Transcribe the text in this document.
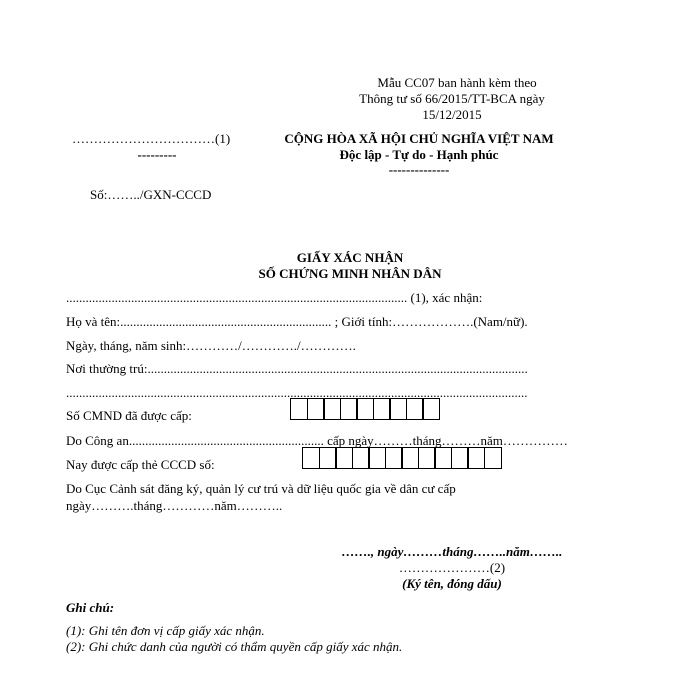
Mẫu CC07 ban hành kèm theo
Thông tư số 66/2015/TT-BCA ngày
15/12/2015
……………………………(1)
---------
Số:……../GXN-CCCD
CỘNG HÒA XÃ HỘI CHỦ NGHĨA VIỆT NAM
Độc lập - Tự do - Hạnh phúc
--------------
GIẤY XÁC NHẬN
SỐ CHỨNG MINH NHÂN DÂN
......................................................................................................... (1), xác nhận:
Họ và tên:................................................................. ; Giới tính:……………….(Nam/nữ).
Ngày, tháng, năm sinh:…………/…………./………….
Nơi thường trú:.....................................................................................................................
..............................................................................................................................................
Số CMND đã được cấp:
Do Công an............................................................ cấp ngày………tháng………năm……………
Nay được cấp thẻ CCCD số:
Do Cục Cảnh sát đăng ký, quản lý cư trú và dữ liệu quốc gia về dân cư cấp
ngày……….tháng…………năm………..
……., ngày………tháng……..năm……..
…………………(2)
(Ký tên, đóng dấu)
Ghi chú:
(1): Ghi tên đơn vị cấp giấy xác nhận.
(2): Ghi chức danh của người có thẩm quyền cấp giấy xác nhận.
